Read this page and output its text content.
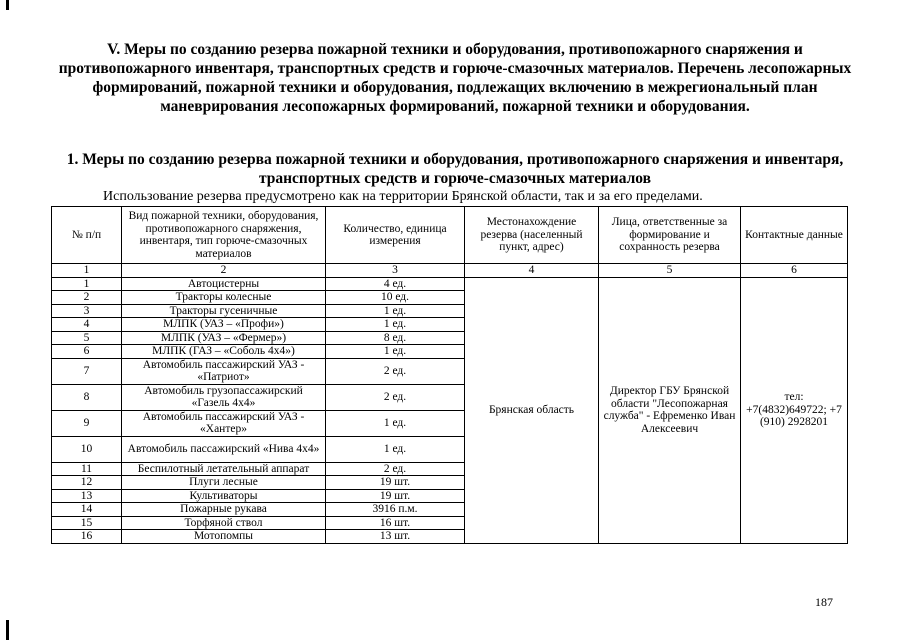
V. Меры по созданию резерва пожарной техники и оборудования, противопожарного снаряжения и противопожарного инвентаря, транспортных средств и горюче-смазочных материалов. Перечень лесопожарных формирований, пожарной техники и оборудования, подлежащих включению в межрегиональный план маневрирования лесопожарных формирований, пожарной техники и оборудования.
1. Меры по созданию резерва пожарной техники и оборудования, противопожарного снаряжения и инвентаря, транспортных средств и горюче-смазочных материалов
Использование резерва предусмотрено как на территории Брянской области, так и за его пределами.
№ п/п	Вид пожарной техники, оборудования, противопожарного снаряжения, инвентаря, тип горюче-смазочных материалов	Количество, единица измерения	Местонахождение резерва (населенный пункт, адрес)	Лица, ответственные за формирование и сохранность резерва	Контактные данные
1	2	3	4	5	6
1	Автоцистерны	4 ед.	Брянская область	Директор ГБУ Брянской области "Лесопожарная служба" - Ефременко Иван Алексеевич	тел: +7(4832)649722; +7 (910) 2928201
2	Тракторы колесные	10 ед.			
3	Тракторы гусеничные	1 ед.			
4	МЛПК (УАЗ – «Профи»)	1 ед.			
5	МЛПК (УАЗ – «Фермер»)	8 ед.			
6	МЛПК (ГАЗ – «Соболь 4х4»)	1 ед.			
7	Автомобиль пассажирский УАЗ - «Патриот»	2 ед.			
8	Автомобиль грузопассажирский «Газель 4х4»	2 ед.			
9	Автомобиль пассажирский УАЗ - «Хантер»	1 ед.			
10	Автомобиль пассажирский «Нива 4х4»	1 ед.			
11	Беспилотный летательный аппарат	2 ед.			
12	Плуги лесные	19 шт.			
13	Культиваторы	19 шт.			
14	Пожарные рукава	3916 п.м.			
15	Торфяной ствол	16 шт.			
16	Мотопомпы	13 шт.			
187
